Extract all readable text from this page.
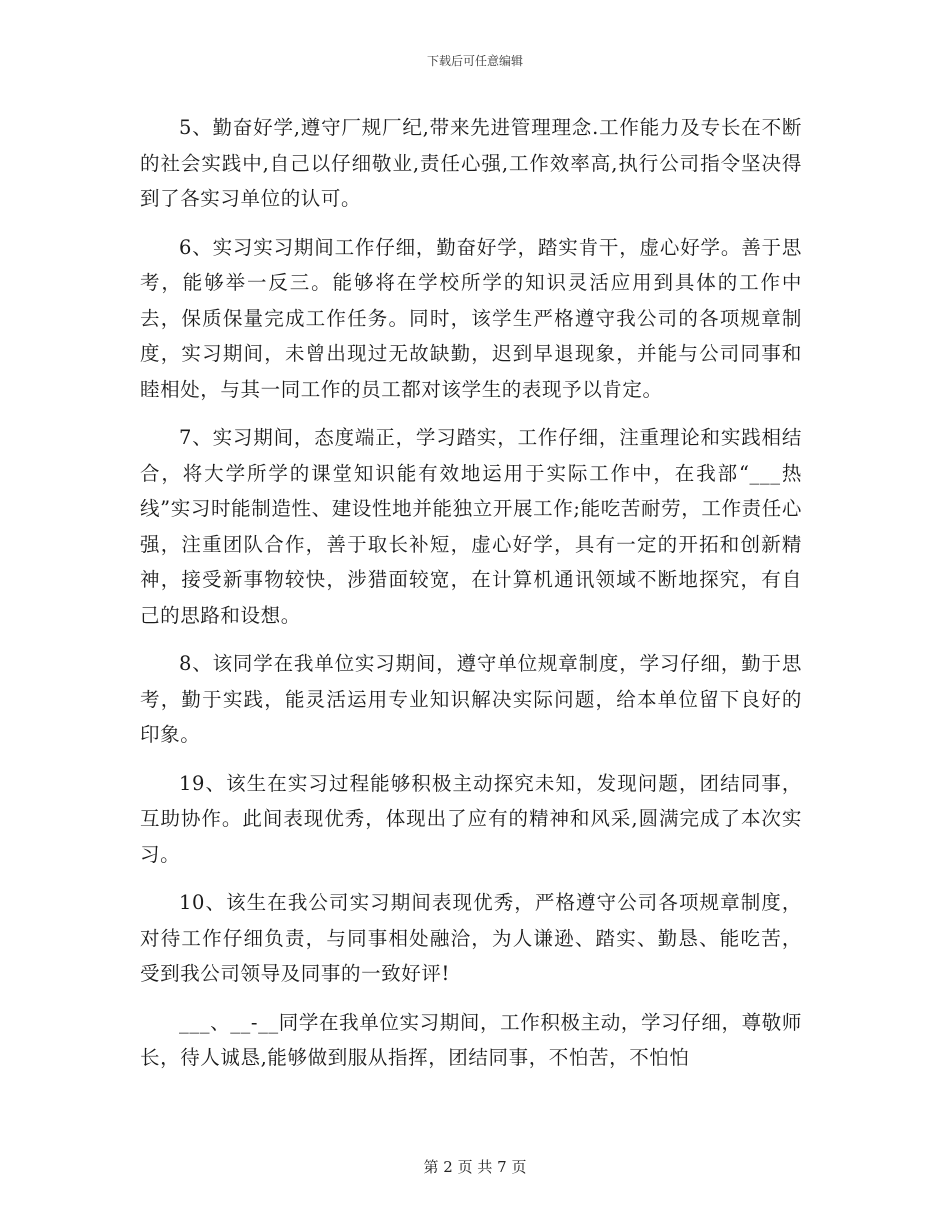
下载后可任意编辑

5、勤奋好学,遵守厂规厂纪,带来先进管理理念.工作能力及专长在不断的社会实践中,自己以仔细敬业,责任心强,工作效率高,执行公司指令坚决得到了各实习单位的认可。

6、实习实习期间工作仔细，勤奋好学，踏实肯干，虚心好学。善于思考，能够举一反三。能够将在学校所学的知识灵活应用到具体的工作中去，保质保量完成工作任务。同时，该学生严格遵守我公司的各项规章制度，实习期间，未曾出现过无故缺勤，迟到早退现象，并能与公司同事和睦相处，与其一同工作的员工都对该学生的表现予以肯定。

7、实习期间，态度端正，学习踏实，工作仔细，注重理论和实践相结合，将大学所学的课堂知识能有效地运用于实际工作中，在我部“___热线”实习时能制造性、建设性地并能独立开展工作;能吃苦耐劳，工作责任心强，注重团队合作，善于取长补短，虚心好学，具有一定的开拓和创新精神，接受新事物较快，涉猎面较宽，在计算机通讯领域不断地探究，有自己的思路和设想。

8、该同学在我单位实习期间，遵守单位规章制度，学习仔细，勤于思考，勤于实践，能灵活运用专业知识解决实际问题，给本单位留下良好的印象。

19、该生在实习过程能够积极主动探究未知，发现问题，团结同事，互助协作。此间表现优秀，体现出了应有的精神和风采,圆满完成了本次实习。

10、该生在我公司实习期间表现优秀，严格遵守公司各项规章制度，对待工作仔细负责，与同事相处融洽，为人谦逊、踏实、勤恳、能吃苦，受到我公司领导及同事的一致好评!

___、__-__同学在我单位实习期间，工作积极主动，学习仔细，尊敬师长，待人诚恳,能够做到服从指挥，团结同事，不怕苦，不怕怕

第 2 页 共 7 页
